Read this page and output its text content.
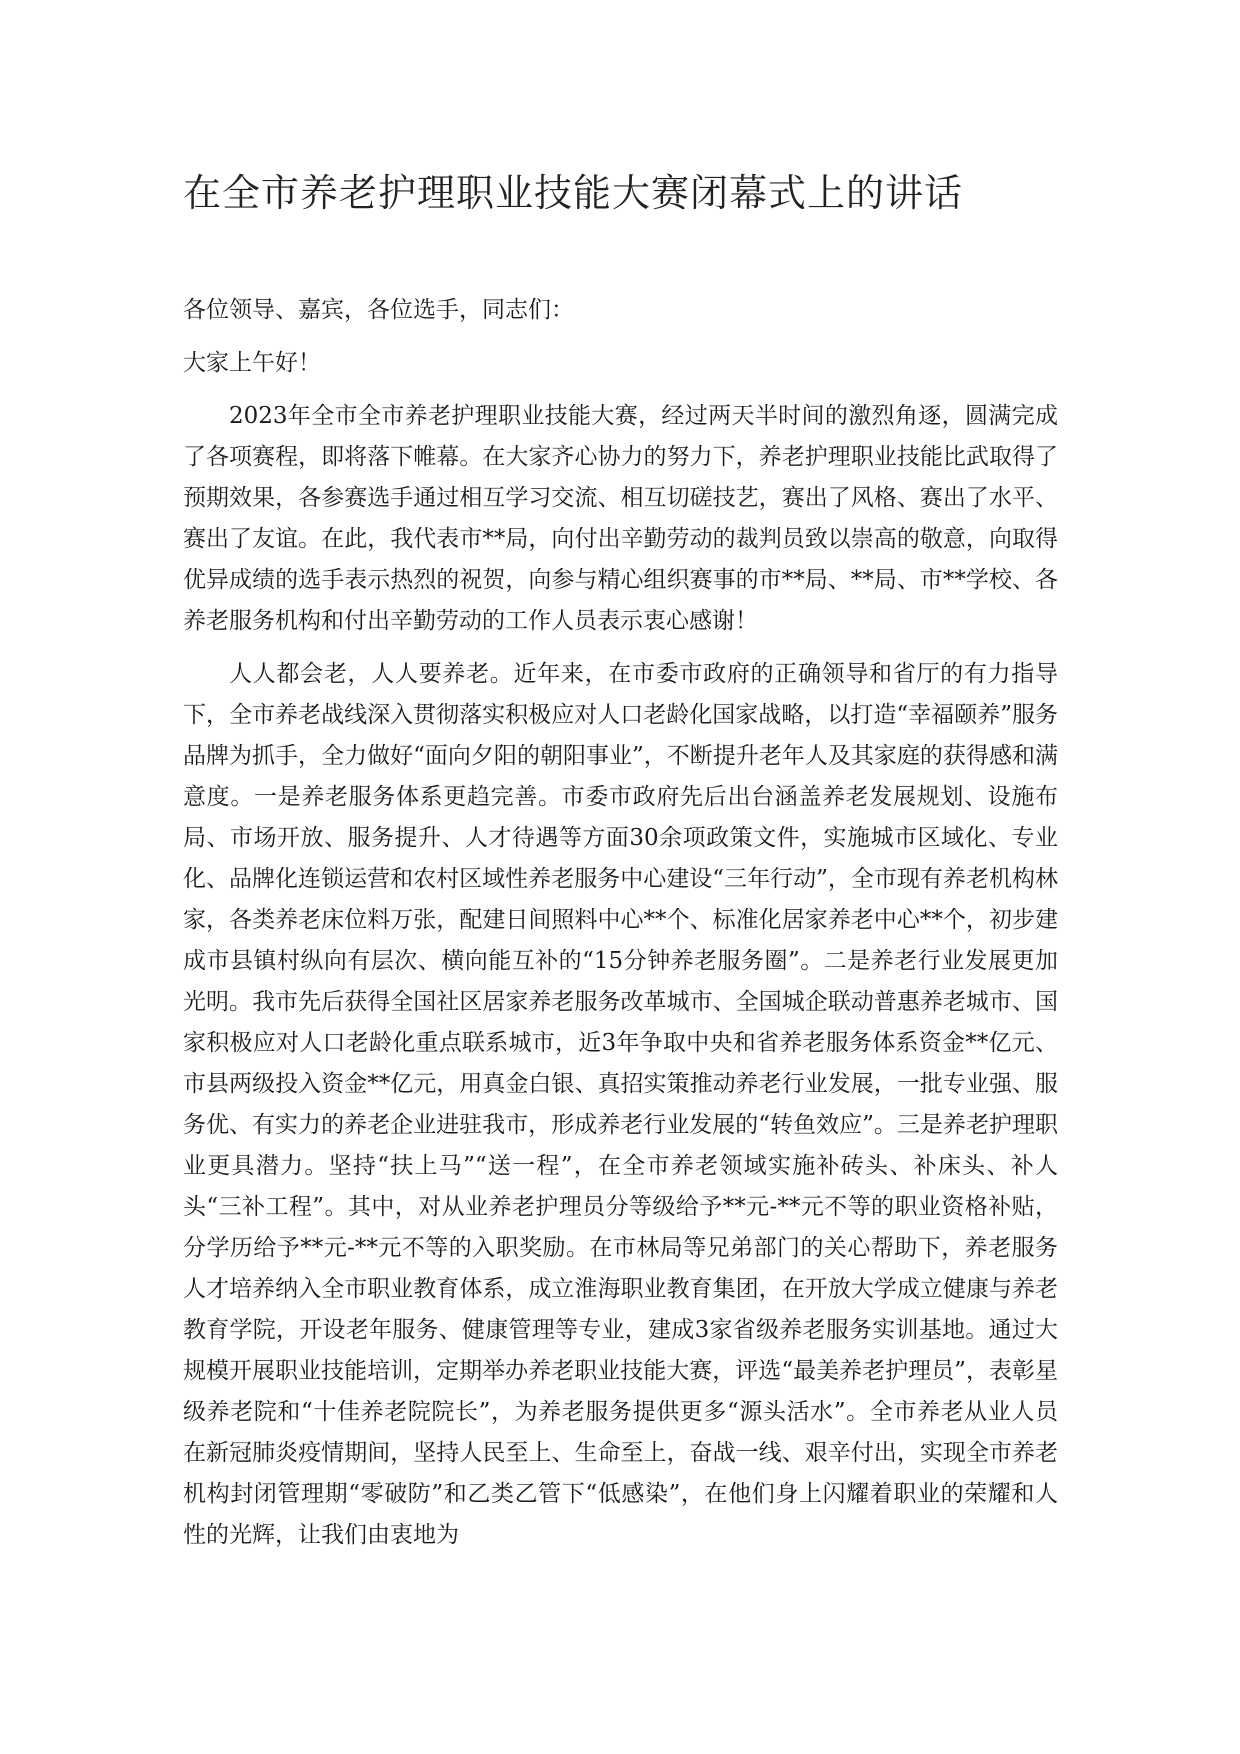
在全市养老护理职业技能大赛闭幕式上的讲话

各位领导、嘉宾，各位选手，同志们：

大家上午好！

2023年全市全市养老护理职业技能大赛，经过两天半时间的激烈角逐，圆满完成了各项赛程，即将落下帷幕。在大家齐心协力的努力下，养老护理职业技能比武取得了预期效果，各参赛选手通过相互学习交流、相互切磋技艺，赛出了风格、赛出了水平、赛出了友谊。在此，我代表市**局，向付出辛勤劳动的裁判员致以崇高的敬意，向取得优异成绩的选手表示热烈的祝贺，向参与精心组织赛事的市**局、**局、市**学校、各养老服务机构和付出辛勤劳动的工作人员表示衷心感谢！

人人都会老，人人要养老。近年来，在市委市政府的正确领导和省厅的有力指导下，全市养老战线深入贯彻落实积极应对人口老龄化国家战略，以打造“幸福颐养”服务品牌为抓手，全力做好“面向夕阳的朝阳事业”，不断提升老年人及其家庭的获得感和满意度。一是养老服务体系更趋完善。市委市政府先后出台涵盖养老发展规划、设施布局、市场开放、服务提升、人才待遇等方面30余项政策文件，实施城市区域化、专业化、品牌化连锁运营和农村区域性养老服务中心建设“三年行动”，全市现有养老机构林家，各类养老床位料万张，配建日间照料中心**个、标准化居家养老中心**个，初步建成市县镇村纵向有层次、横向能互补的“15分钟养老服务圈”。二是养老行业发展更加光明。我市先后获得全国社区居家养老服务改革城市、全国城企联动普惠养老城市、国家积极应对人口老龄化重点联系城市，近3年争取中央和省养老服务体系资金**亿元、市县两级投入资金**亿元，用真金白银、真招实策推动养老行业发展，一批专业强、服务优、有实力的养老企业进驻我市，形成养老行业发展的“转鱼效应”。三是养老护理职业更具潜力。坚持“扶上马”“送一程”，在全市养老领域实施补砖头、补床头、补人头“三补工程”。其中，对从业养老护理员分等级给予**元-**元不等的职业资格补贴，分学历给予**元-**元不等的入职奖励。在市林局等兄弟部门的关心帮助下，养老服务人才培养纳入全市职业教育体系，成立淮海职业教育集团，在开放大学成立健康与养老教育学院，开设老年服务、健康管理等专业，建成3家省级养老服务实训基地。通过大规模开展职业技能培训，定期举办养老职业技能大赛，评选“最美养老护理员”，表彰星级养老院和“十佳养老院院长”，为养老服务提供更多“源头活水”。全市养老从业人员在新冠肺炎疫情期间，坚持人民至上、生命至上，奋战一线、艰辛付出，实现全市养老机构封闭管理期“零破防”和乙类乙管下“低感染”，在他们身上闪耀着职业的荣耀和人性的光辉，让我们由衷地为
